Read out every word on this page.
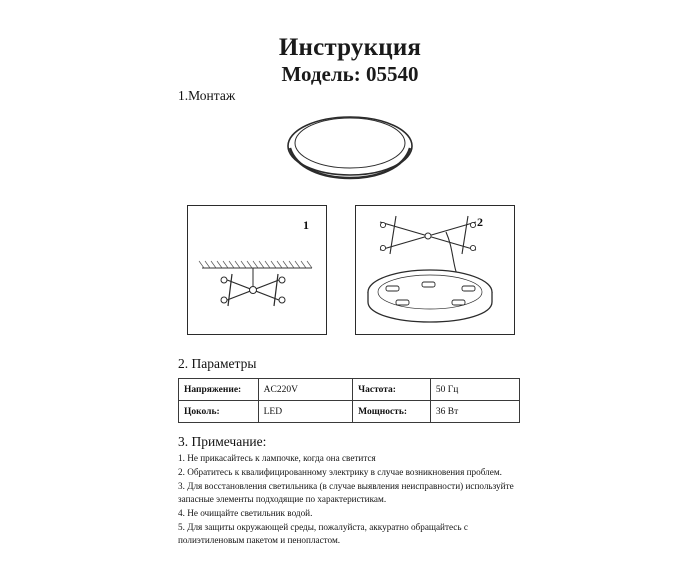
Инструкция
Модель: 05540
1.Монтаж
1	2
2. Параметры
Напряжение:	AC220V	Частота:	50 Гц
Цоколь:	LED	Мощность:	36 Вт
3. Примечание:

1. Не прикасайтесь к лампочке, когда она светится

2. Обратитесь к квалифицированному электрику в случае возникновения проблем.

3. Для восстановления светильника (в случае выявления неисправности) используйте запасные элементы подходящие по характеристикам.

4. Не очищайте светильник водой.

5. Для защиты окружающей среды, пожалуйста, аккуратно обращайтесь с полиэтиленовым пакетом и пенопластом.
